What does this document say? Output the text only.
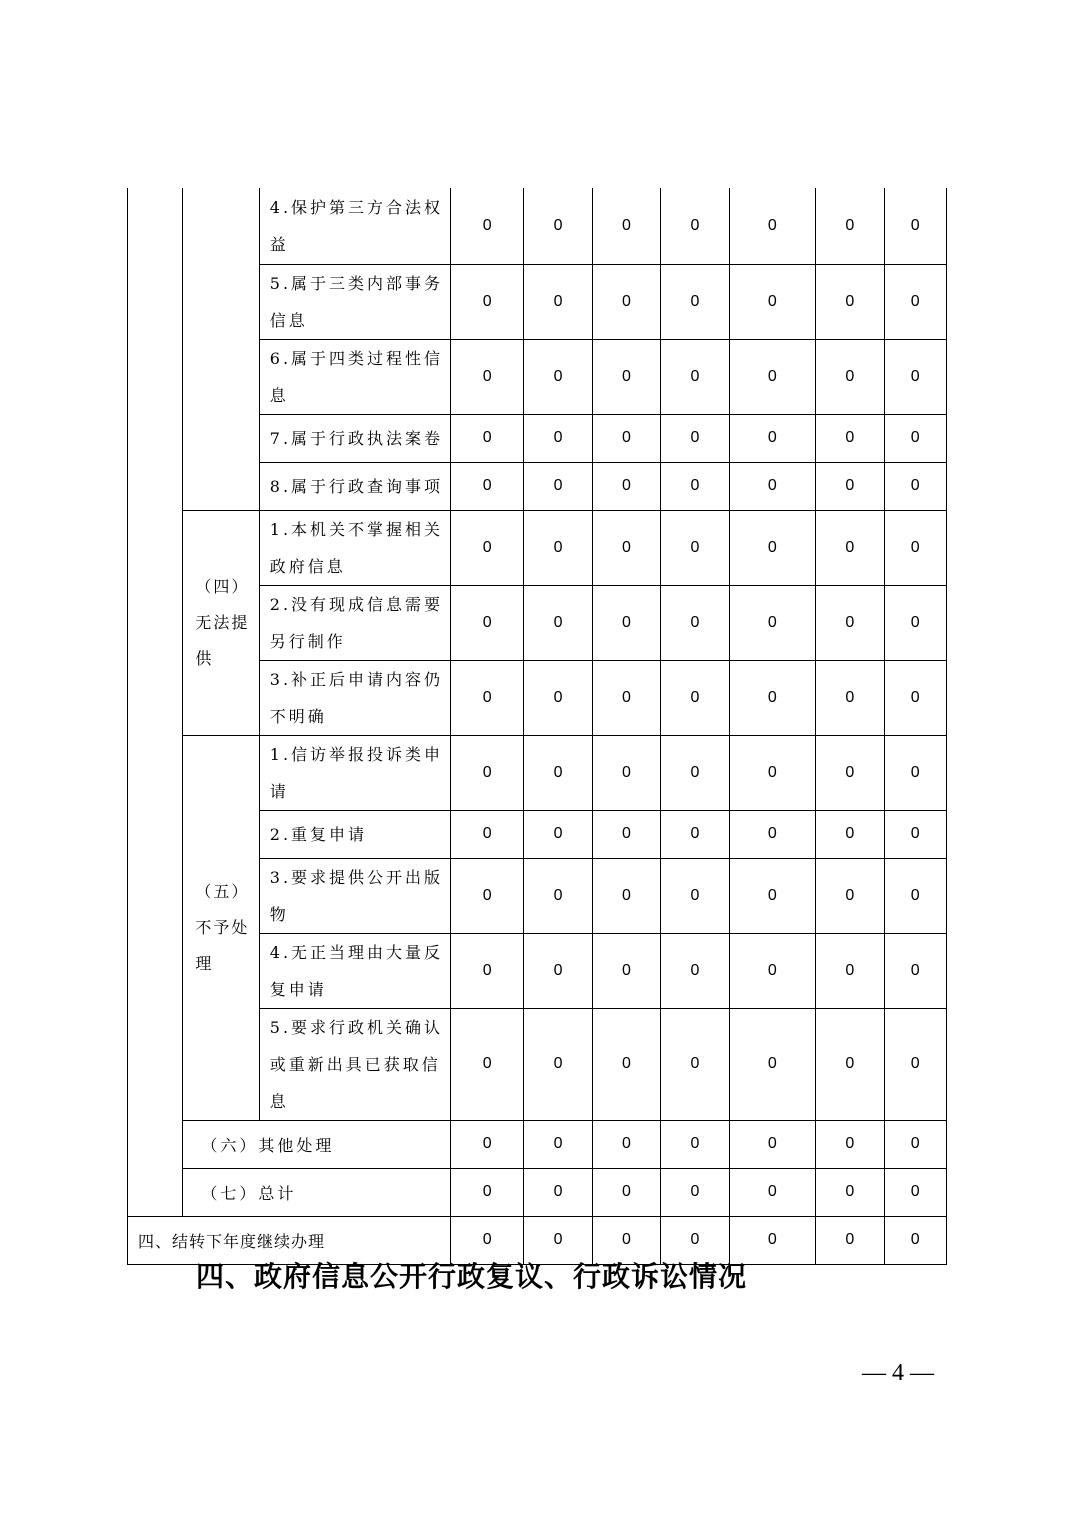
		4.保护第三方合法权益	0	0	0	0	0	0	0
		5.属于三类内部事务信息	0	0	0	0	0	0	0
		6.属于四类过程性信息	0	0	0	0	0	0	0
		7.属于行政执法案卷	0	0	0	0	0	0	0
		8.属于行政查询事项	0	0	0	0	0	0	0
	（四）无法提供	1.本机关不掌握相关政府信息	0	0	0	0	0	0	0
		2.没有现成信息需要另行制作	0	0	0	0	0	0	0
		3.补正后申请内容仍不明确	0	0	0	0	0	0	0
	（五）不予处理	1.信访举报投诉类申请	0	0	0	0	0	0	0
		2.重复申请	0	0	0	0	0	0	0
		3.要求提供公开出版物	0	0	0	0	0	0	0
		4.无正当理由大量反复申请	0	0	0	0	0	0	0
		5.要求行政机关确认或重新出具已获取信息	0	0	0	0	0	0	0
	（六）其他处理		0	0	0	0	0	0	0
	（七）总计		0	0	0	0	0	0	0
四、结转下年度继续办理			0	0	0	0	0	0	0
四、政府信息公开行政复议、行政诉讼情况
— 4 —
